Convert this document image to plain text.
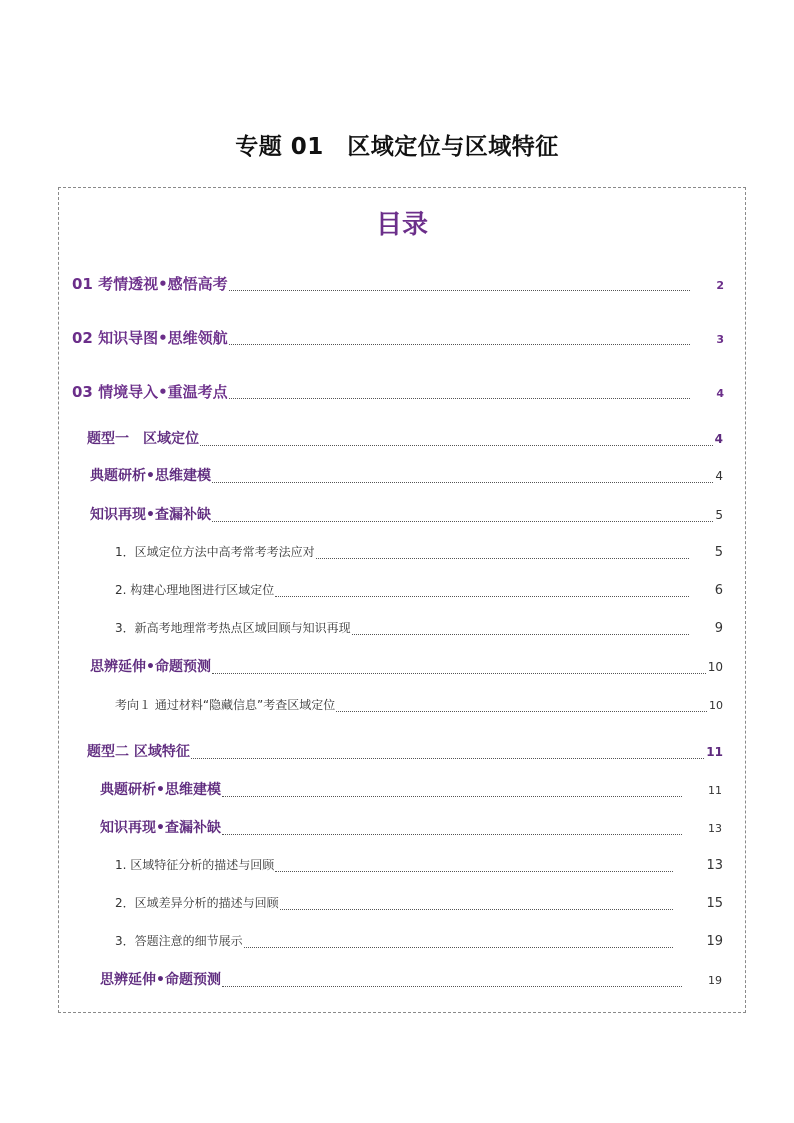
专题 01　区域定位与区域特征
目录
01 考情透视•感悟高考	2
02 知识导图•思维领航	3
03 情境导入•重温考点	4
题型一　区域定位	4
典题研析•思维建模	4
知识再现•查漏补缺	5
1．区域定位方法中高考常考考法应对	5
2. 构建心理地图进行区域定位	6
3．新高考地理常考热点区域回顾与知识再现	9
思辨延伸•命题预测	10
考向１ 通过材料“隐藏信息”考查区域定位	10
题型二 区域特征	11
典题研析•思维建模	11
知识再现•查漏补缺	13
1. 区域特征分析的描述与回顾	13
2．区域差异分析的描述与回顾	15
3．答题注意的细节展示	19
思辨延伸•命题预测	19
